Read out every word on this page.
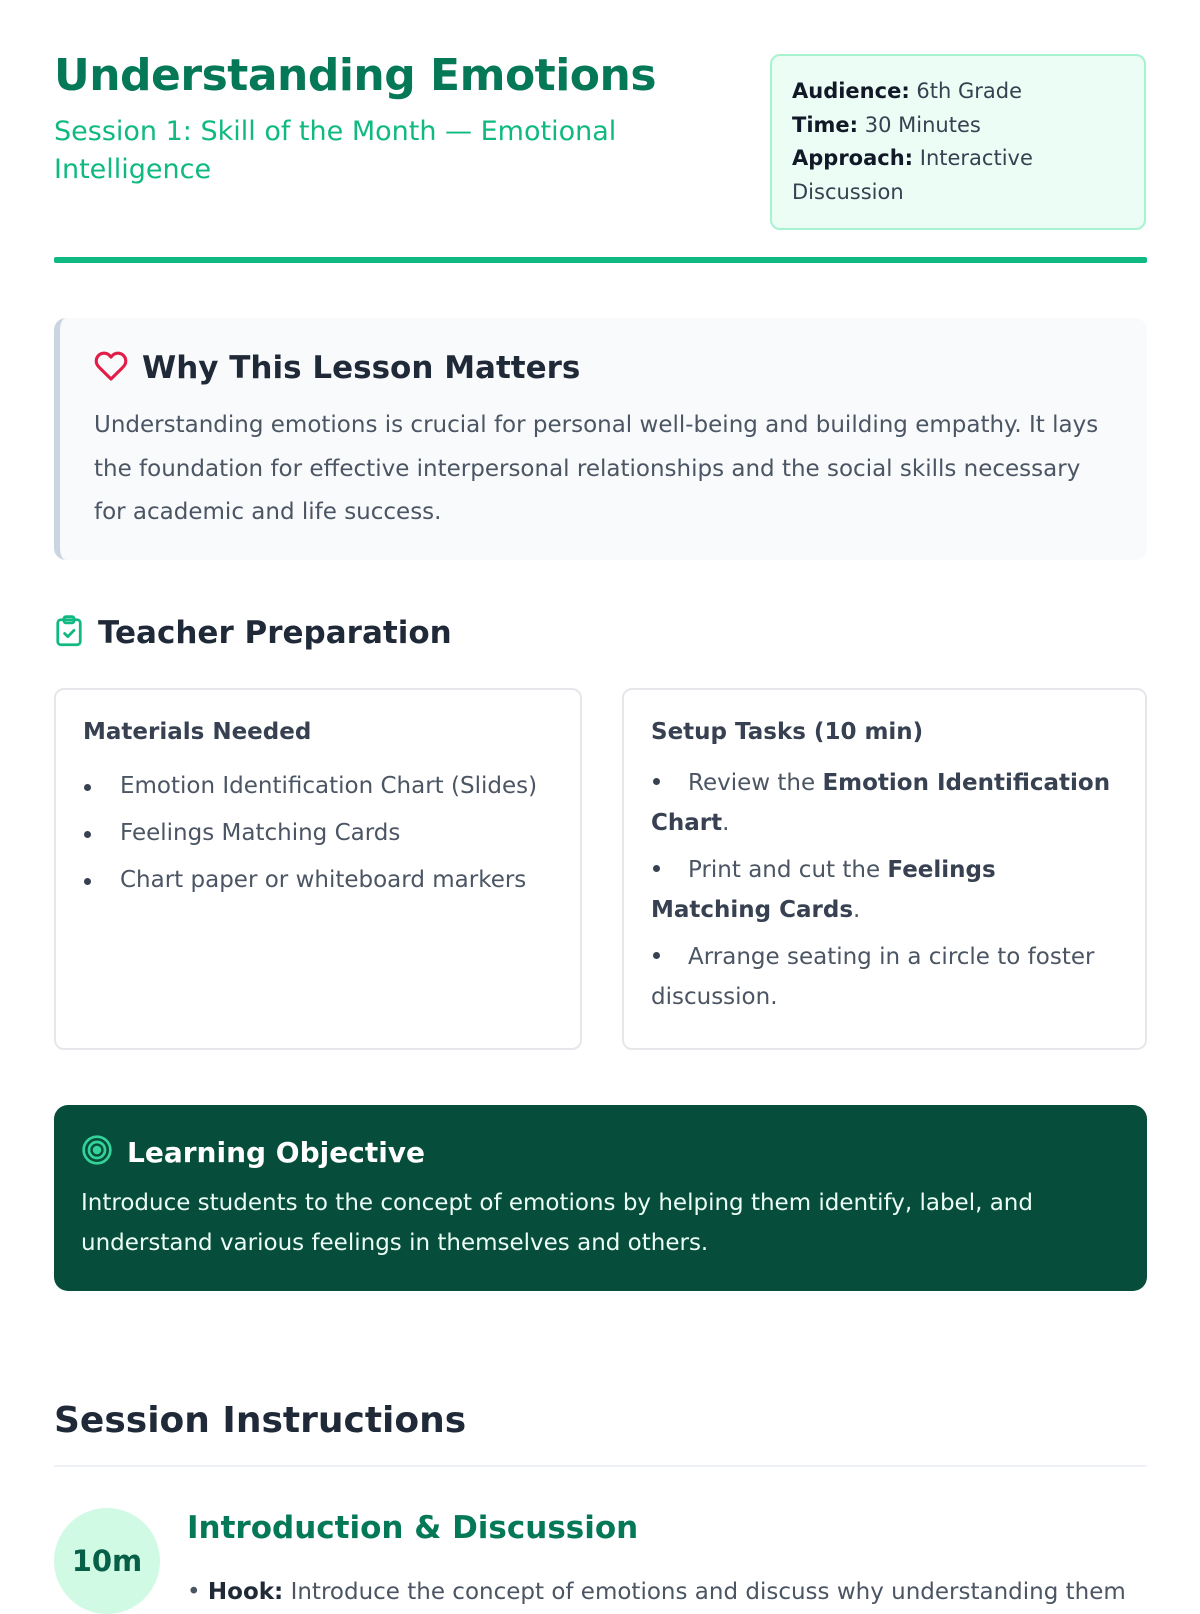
Understanding Emotions

Session 1: Skill of the Month — Emotional Intelligence

Audience: 6th Grade
Time: 30 Minutes
Approach: Interactive Discussion
Why This Lesson Matters

Understanding emotions is crucial for personal well-being and building empathy. It lays the foundation for effective interpersonal relationships and the social skills necessary for academic and life success.

Teacher Preparation
Materials Needed
Emotion Identification Chart (Slides)
Feelings Matching Cards
Chart paper or whiteboard markers
Setup Tasks (10 min)
Review the Emotion Identification Chart.
Print and cut the Feelings Matching Cards.
Arrange seating in a circle to foster discussion.
Learning Objective

Introduce students to the concept of emotions by helping them identify, label, and understand various feelings in themselves and others.

Session Instructions
10m
Introduction & Discussion

• Hook: Introduce the concept of emotions and discuss why understanding them
